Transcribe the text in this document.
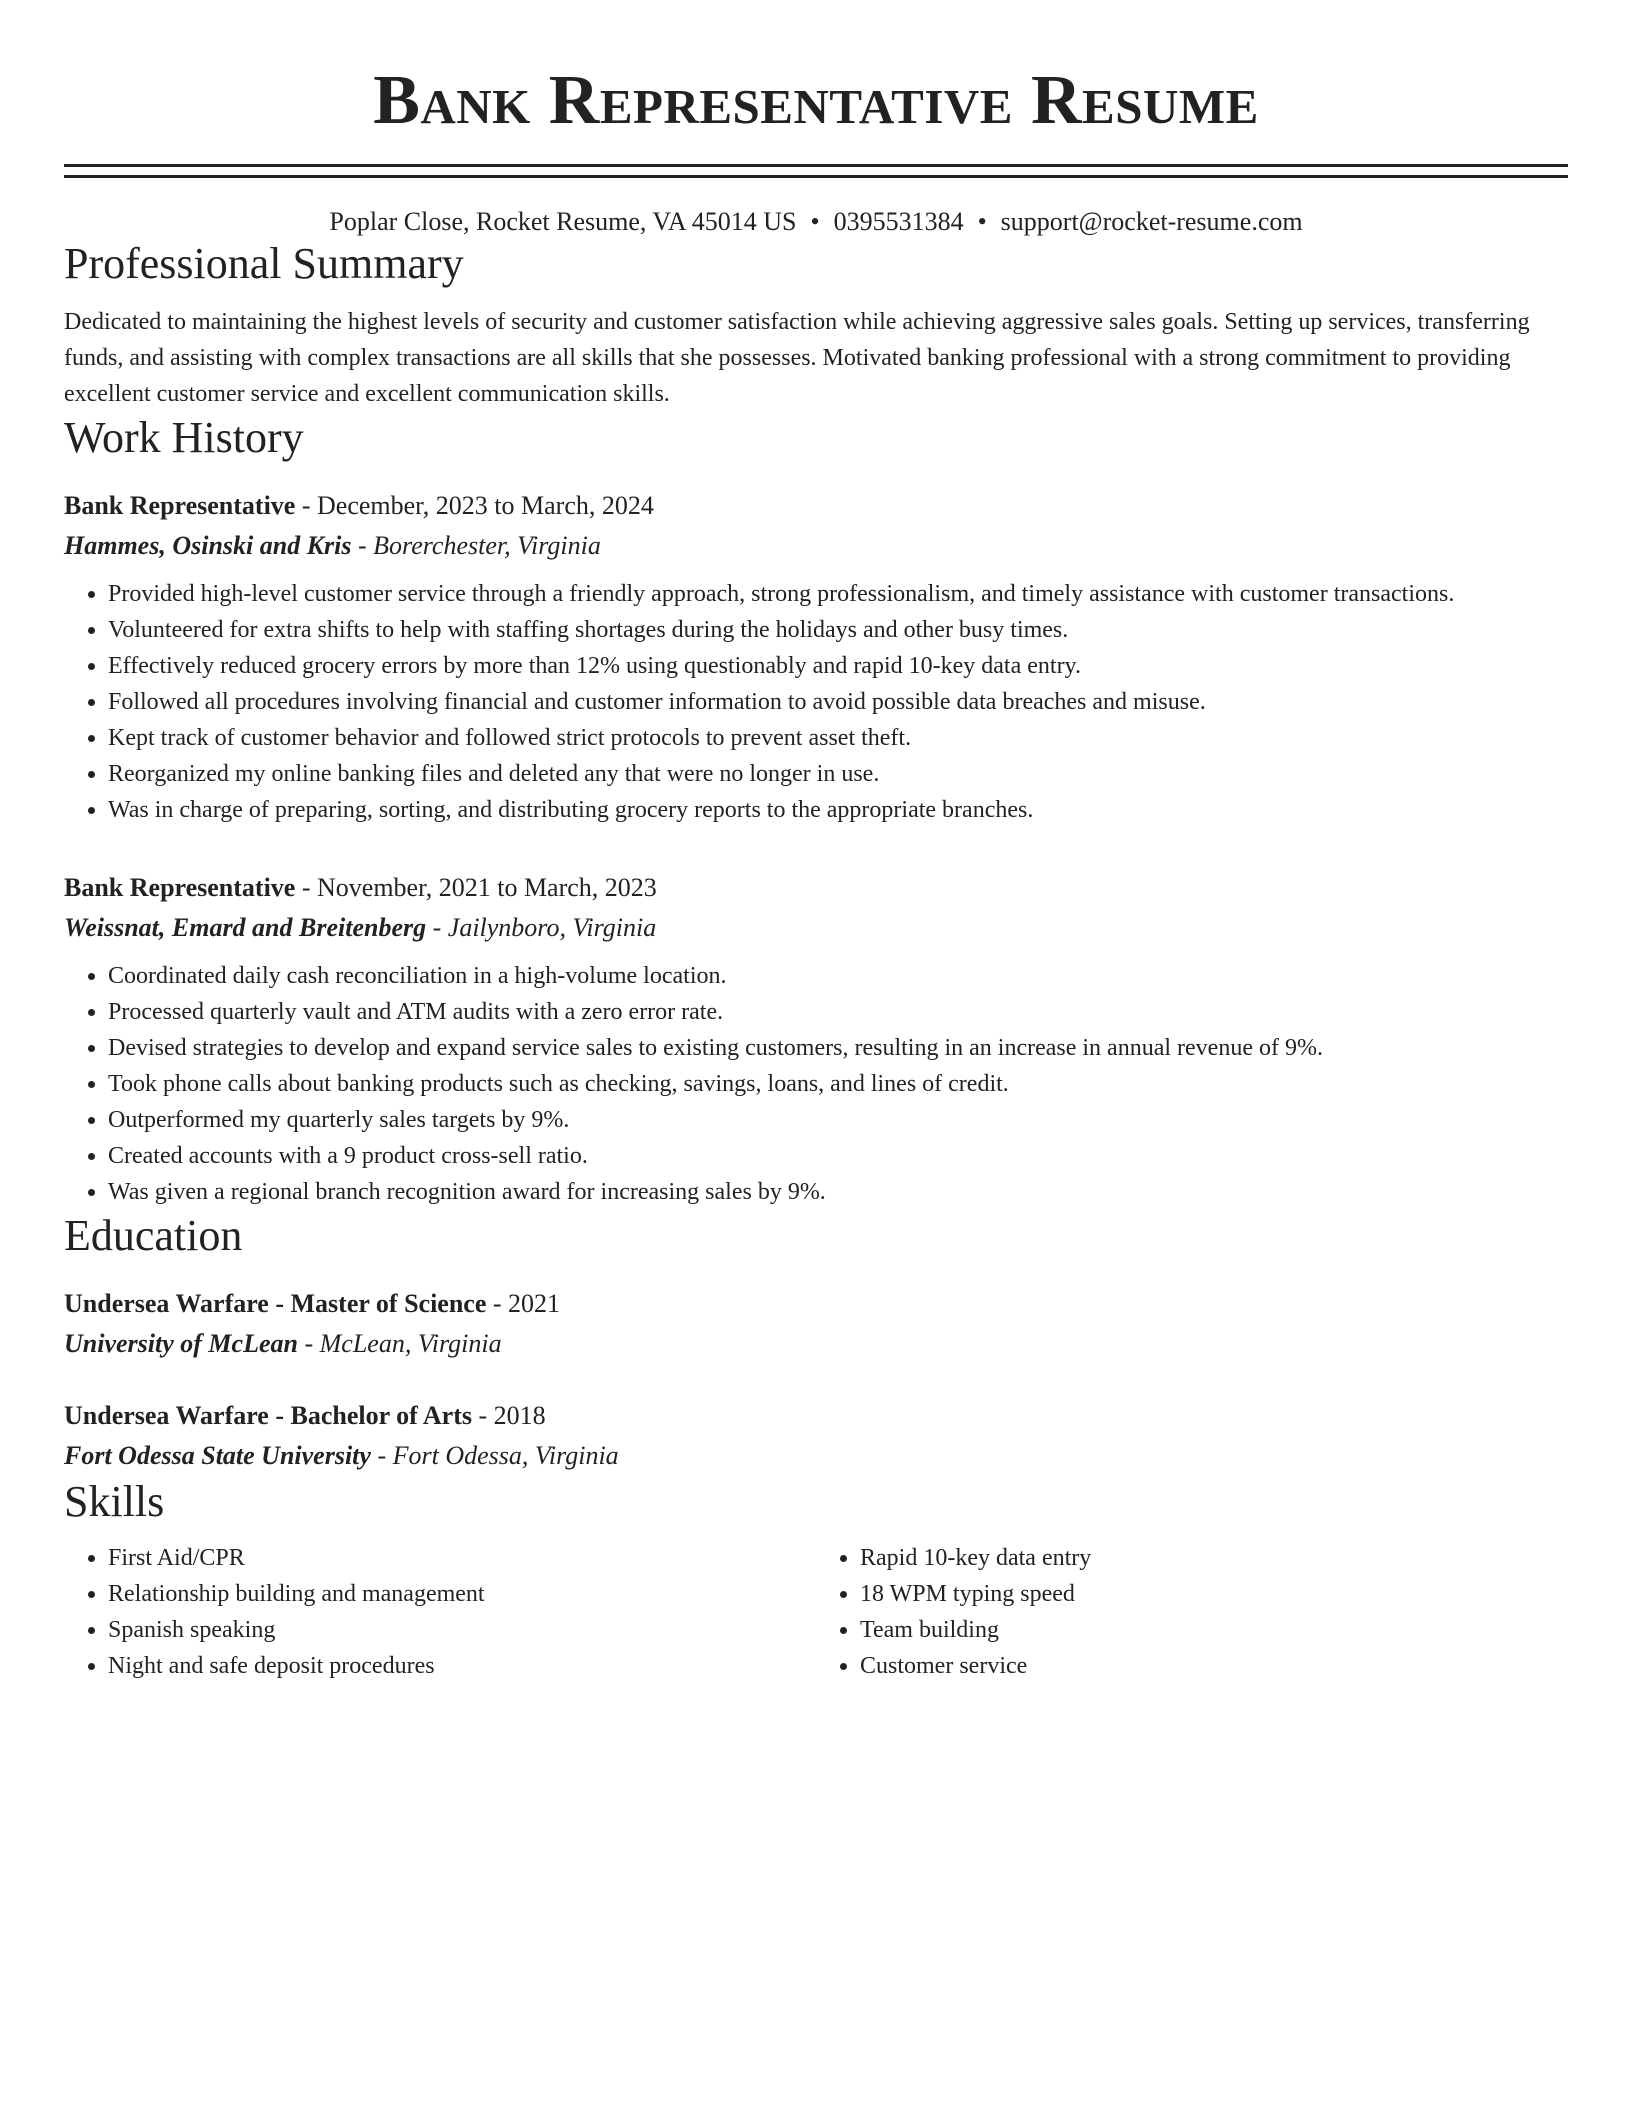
Bank Representative Resume
Poplar Close, Rocket Resume, VA 45014 US • 0395531384 • support@rocket-resume.com
Professional Summary
Dedicated to maintaining the highest levels of security and customer satisfaction while achieving aggressive sales goals. Setting up services, transferring funds, and assisting with complex transactions are all skills that she possesses. Motivated banking professional with a strong commitment to providing excellent customer service and excellent communication skills.
Work History
Bank Representative - December, 2023 to March, 2024
Hammes, Osinski and Kris - Borerchester, Virginia
• Provided high-level customer service through a friendly approach, strong professionalism, and timely assistance with customer transactions.
• Volunteered for extra shifts to help with staffing shortages during the holidays and other busy times.
• Effectively reduced grocery errors by more than 12% using questionably and rapid 10-key data entry.
• Followed all procedures involving financial and customer information to avoid possible data breaches and misuse.
• Kept track of customer behavior and followed strict protocols to prevent asset theft.
• Reorganized my online banking files and deleted any that were no longer in use.
• Was in charge of preparing, sorting, and distributing grocery reports to the appropriate branches.
Bank Representative - November, 2021 to March, 2023
Weissnat, Emard and Breitenberg - Jailynboro, Virginia
• Coordinated daily cash reconciliation in a high-volume location.
• Processed quarterly vault and ATM audits with a zero error rate.
• Devised strategies to develop and expand service sales to existing customers, resulting in an increase in annual revenue of 9%.
• Took phone calls about banking products such as checking, savings, loans, and lines of credit.
• Outperformed my quarterly sales targets by 9%.
• Created accounts with a 9 product cross-sell ratio.
• Was given a regional branch recognition award for increasing sales by 9%.
Education
Undersea Warfare - Master of Science - 2021
University of McLean - McLean, Virginia
Undersea Warfare - Bachelor of Arts - 2018
Fort Odessa State University - Fort Odessa, Virginia
Skills
• First Aid/CPR
• Relationship building and management
• Spanish speaking
• Night and safe deposit procedures
• Rapid 10-key data entry
• 18 WPM typing speed
• Team building
• Customer service
